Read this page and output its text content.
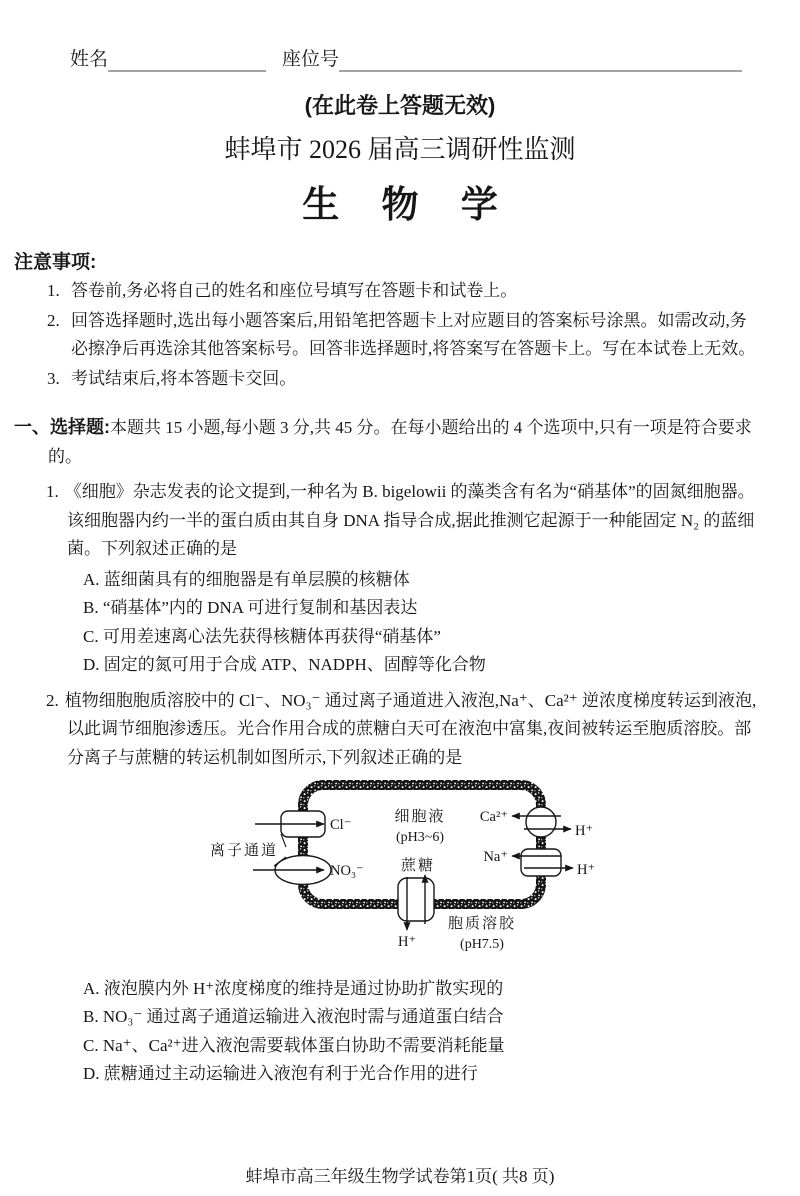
姓名	座位号
(在此卷上答题无效)
蚌埠市 2026 届高三调研性监测
生 物 学
注意事项:
1. 答卷前,务必将自己的姓名和座位号填写在答题卡和试卷上。
2. 回答选择题时,选出每小题答案后,用铅笔把答题卡上对应题目的答案标号涂黑。如需改动,务必擦净后再选涂其他答案标号。回答非选择题时,将答案写在答题卡上。写在本试卷上无效。
3. 考试结束后,将本答题卡交回。

一、选择题:本题共 15 小题,每小题 3 分,共 45 分。在每小题给出的 4 个选项中,只有一项是符合要求的。

1. 《细胞》杂志发表的论文提到,一种名为 B. bigelowii 的藻类含有名为“硝基体”的固氮细胞器。该细胞器内约一半的蛋白质由其自身 DNA 指导合成,据此推测它起源于一种能固定 N₂ 的蓝细菌。下列叙述正确的是

A. 蓝细菌具有的细胞器是有单层膜的核糖体

B. “硝基体”内的 DNA 可进行复制和基因表达

C. 可用差速离心法先获得核糖体再获得“硝基体”

D. 固定的氮可用于合成 ATP、NADPH、固醇等化合物

2. 植物细胞胞质溶胶中的 Cl⁻、NO₃⁻ 通过离子通道进入液泡,Na⁺、Ca²⁺ 逆浓度梯度转运到液泡,以此调节细胞渗透压。光合作用合成的蔗糖白天可在液泡中富集,夜间被转运至胞质溶胶。部分离子与蔗糖的转运机制如图所示,下列叙述正确的是

Cl⁻
NO₃⁻
离子通道
细胞液
(pH3~6)
Ca²⁺
H⁺
Na⁺
H⁺
蔗糖
H⁺
胞质溶胶
(pH7.5)

A. 液泡膜内外 H⁺浓度梯度的维持是通过协助扩散实现的

B. NO₃⁻ 通过离子通道运输进入液泡时需与通道蛋白结合

C. Na⁺、Ca²⁺进入液泡需要载体蛋白协助不需要消耗能量

D. 蔗糖通过主动运输进入液泡有利于光合作用的进行

蚌埠市高三年级生物学试卷第1页( 共8 页)
